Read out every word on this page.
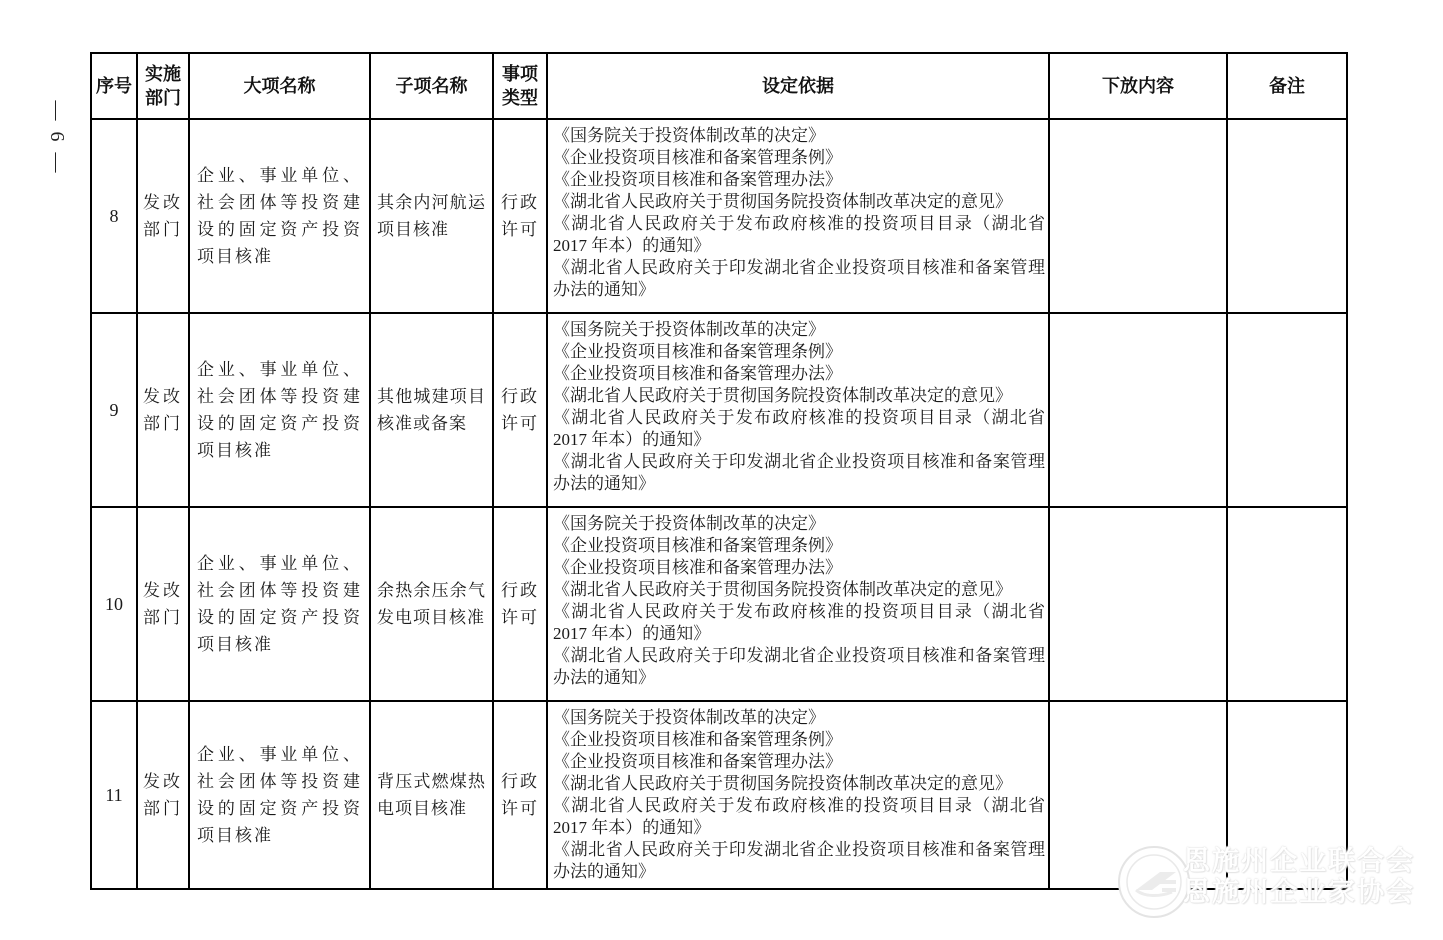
— 6 —
序号	实施部门	大项名称	子项名称	事项类型	设定依据	下放内容	备注
8	发改部门	企业、事业单位、社会团体等投资建设的固定资产投资项目核准	其余内河航运项目核准	行政许可	
《国务院关于投资体制改革的决定》
《企业投资项目核准和备案管理条例》
《企业投资项目核准和备案管理办法》
《湖北省人民政府关于贯彻国务院投资体制改革决定的意见》
《湖北省人民政府关于发布政府核准的投资项目目录（湖北省2017 年本）的通知》
《湖北省人民政府关于印发湖北省企业投资项目核准和备案管理办法的通知》

9	发改部门	企业、事业单位、社会团体等投资建设的固定资产投资项目核准	其他城建项目核准或备案	行政许可	
《国务院关于投资体制改革的决定》
《企业投资项目核准和备案管理条例》
《企业投资项目核准和备案管理办法》
《湖北省人民政府关于贯彻国务院投资体制改革决定的意见》
《湖北省人民政府关于发布政府核准的投资项目目录（湖北省2017 年本）的通知》
《湖北省人民政府关于印发湖北省企业投资项目核准和备案管理办法的通知》

10	发改部门	企业、事业单位、社会团体等投资建设的固定资产投资项目核准	余热余压余气发电项目核准	行政许可	
《国务院关于投资体制改革的决定》
《企业投资项目核准和备案管理条例》
《企业投资项目核准和备案管理办法》
《湖北省人民政府关于贯彻国务院投资体制改革决定的意见》
《湖北省人民政府关于发布政府核准的投资项目目录（湖北省2017 年本）的通知》
《湖北省人民政府关于印发湖北省企业投资项目核准和备案管理办法的通知》

11	发改部门	企业、事业单位、社会团体等投资建设的固定资产投资项目核准	背压式燃煤热电项目核准	行政许可	
《国务院关于投资体制改革的决定》
《企业投资项目核准和备案管理条例》
《企业投资项目核准和备案管理办法》
《湖北省人民政府关于贯彻国务院投资体制改革决定的意见》
《湖北省人民政府关于发布政府核准的投资项目目录（湖北省2017 年本）的通知》
《湖北省人民政府关于印发湖北省企业投资项目核准和备案管理办法的通知》
			恩施州企业联合会
恩施州企业家协会
